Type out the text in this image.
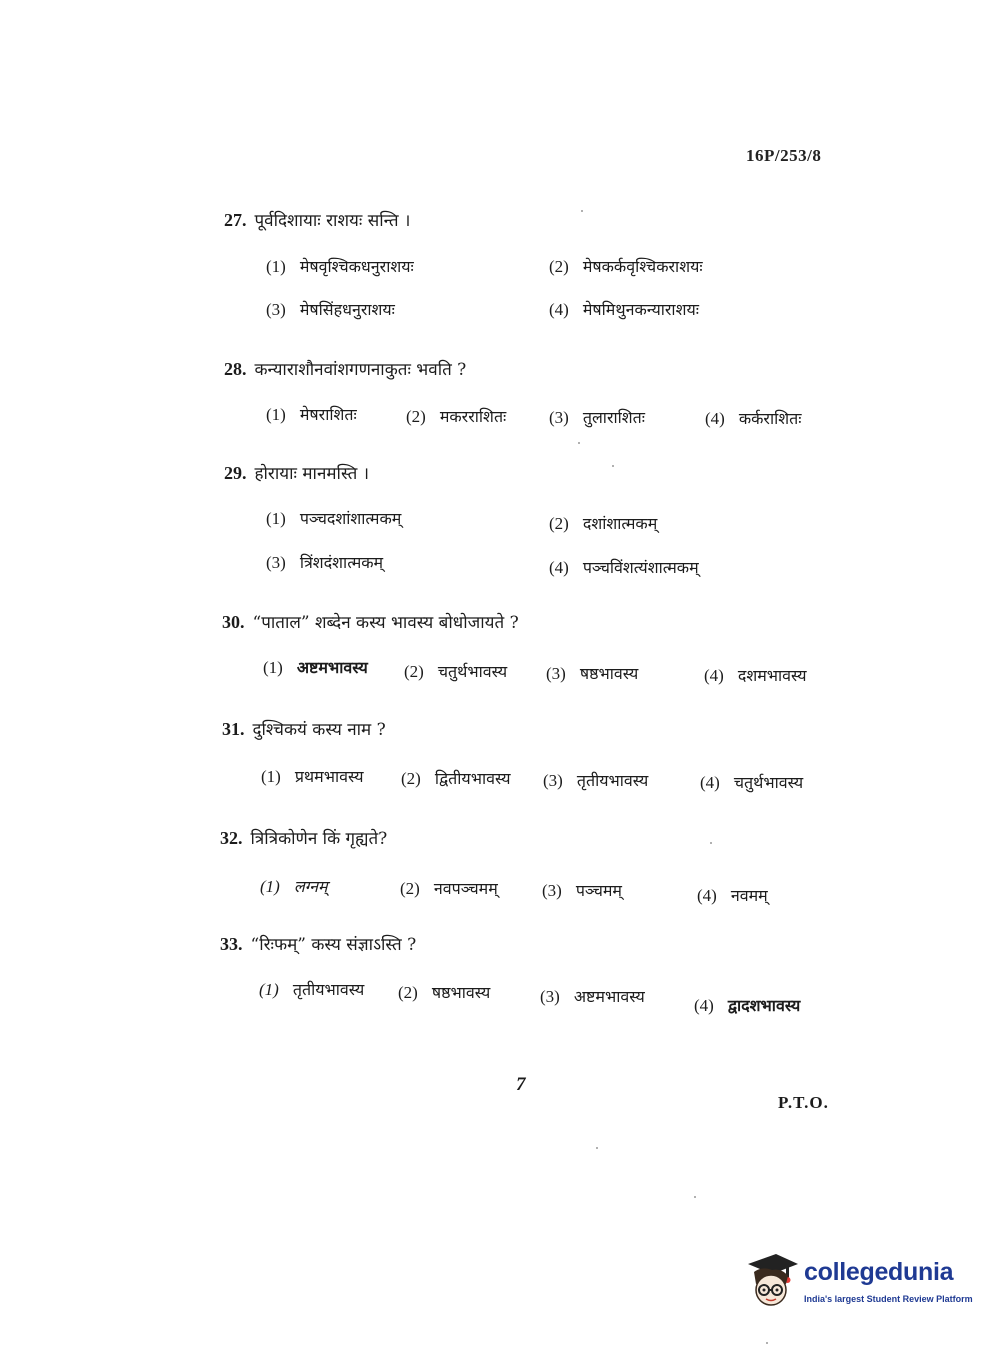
16P/253/8
27. पूर्वदिशायाः राशयः सन्ति ।
(1) मेषवृश्चिकधनुराशयः	(2) मेषकर्कवृश्चिकराशयः
(3) मेषसिंहधनुराशयः	(4) मेषमिथुनकन्याराशयः
28. कन्याराशौनवांशगणनाकुतः भवति ?
(1) मेषराशितः	(2) मकरराशितः	(3) तुलाराशितः	(4) कर्कराशितः
29. होरायाः मानमस्ति ।
(1) पञ्चदशांशात्मकम्	(2) दशांशात्मकम्
(3) त्रिंशदंशात्मकम्	(4) पञ्चविंशत्यंशात्मकम्
30. “पाताल” शब्देन कस्य भावस्य बोधोजायते ?
(1) अष्टमभावस्य (2) चतुर्थभावस्य (3) षष्ठभावस्य	(4) दशमभावस्य
31. दुश्चिकयं कस्य नाम ?
(1) प्रथमभावस्य (2) द्वितीयभावस्य (3) तृतीयभावस्य	(4) चतुर्थभावस्य
32. त्रित्रिकोणेन किं गृह्यते?
(1) लग्नम्	(2) नवपञ्चमम्	(3) पञ्चमम्	(4) नवमम्
33. “रिःफम्” कस्य संज्ञाऽस्ति ?
(1) तृतीयभावस्य (2) षष्ठभावस्य	(3) अष्टमभावस्य	(4) द्वादशभावस्य
7
P.T.O.
collegedunia
India's largest Student Review Platform
